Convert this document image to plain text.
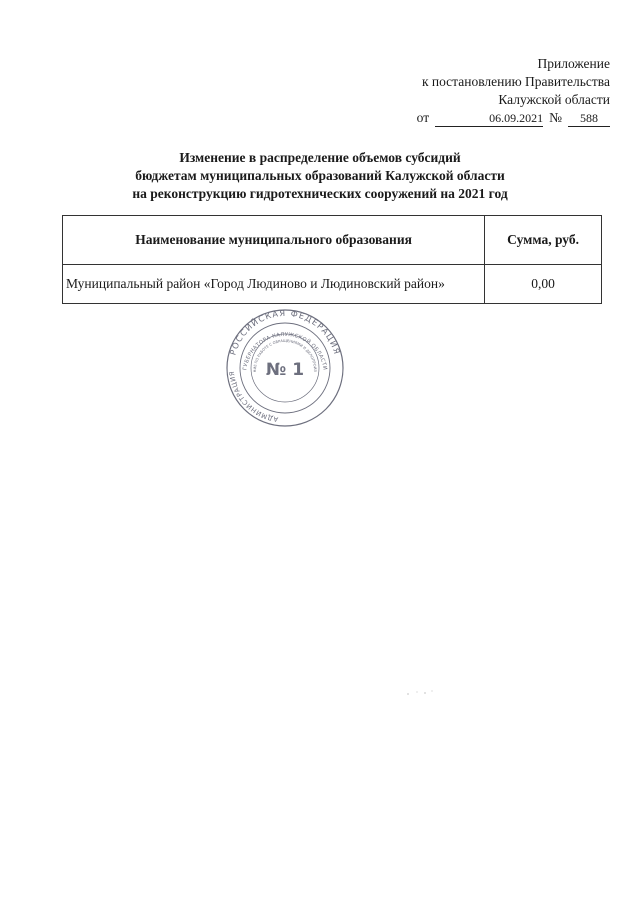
Приложение
к постановлению Правительства
Калужской области
от	06.09.2021 №	588
Изменение в распределение объемов субсидий
бюджетам муниципальных образований Калужской области
на реконструкцию гидротехнических сооружений на 2021 год
Наименование муниципального образования	Сумма, руб.
Муниципальный район «Город Людиново и Людиновский район»	0,00
РОССИЙСКАЯ ФЕДЕРАЦИЯ
АДМИНИСТРАЦИЯ
ГУБЕРНАТОРА КАЛУЖСКОЙ ОБЛАСТИ
НИЕ ПО РАБОТЕ С ОБРАЩЕНИЯМИ И ДЕЛОПРОИЗ
№ 1
